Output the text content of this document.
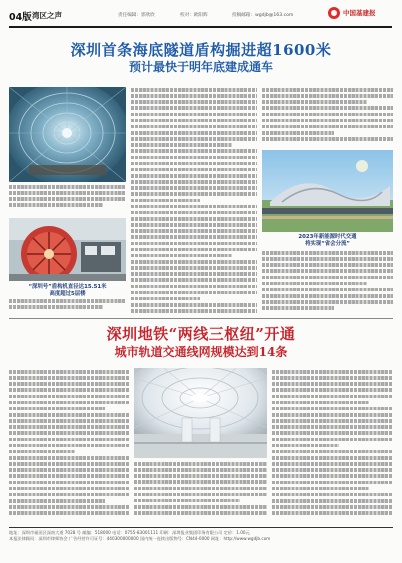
04版 湾区之声	责任编辑：郭欣欣	校对：欧阳辉	投稿邮箱：wgdjb@163.com	中国基建报
深圳首条海底隧道盾构掘进超1600米
预计最快于明年底建成通车
“深圳号”盾构机直径达15.51米
高度超过5层楼
2023年新能源时代交通
将实现“省会分流”
深圳地铁“两线三枢纽”开通
城市轨道交通线网规模达到14条
地址：深圳市福田区深南大道 7028 号 邮编：518000 电话：0755-83001111 印刷：深圳报业集团印务有限公司 定价：1.00元
本报法律顾问：深圳市律师协会 广告经营许可证号：440300000000 国内统一连续出版物号：CN44-0000 网址：http://www.wgdjb.com
